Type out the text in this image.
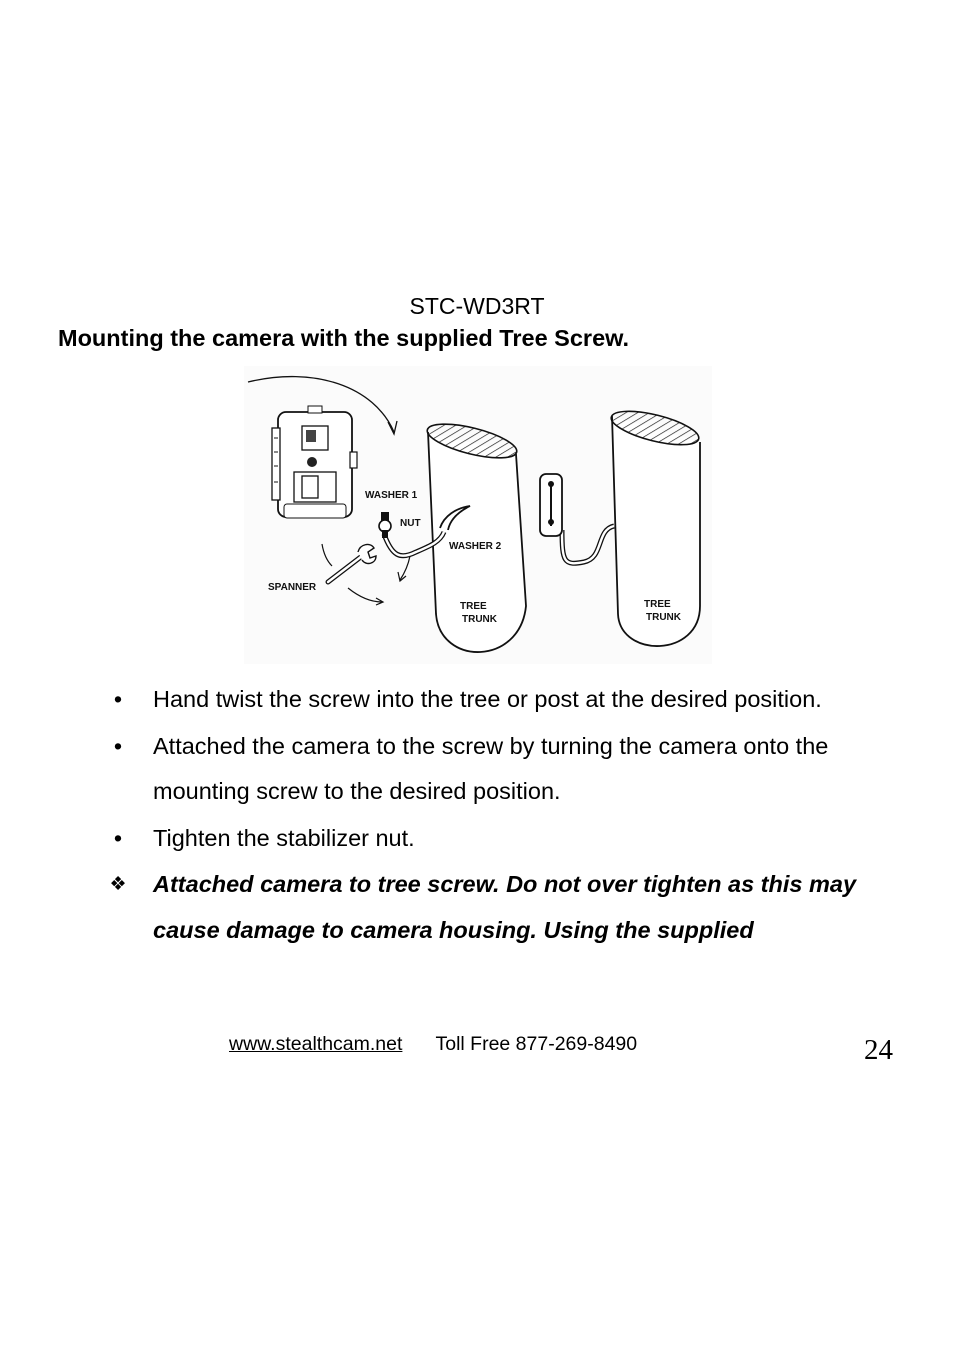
STC-WD3RT
Mounting the camera with the supplied Tree Screw.
SPANNER
TREE
TRUNK
WASHER 1
NUT
WASHER 2
TREE
TRUNK
•	Hand twist the screw into the tree or post at the desired position.
•	Attached the camera to the screw by turning the camera onto the mounting screw to the desired position.
•	Tighten the stabilizer nut.
❖ Attached camera to tree screw. Do not over tighten as this may cause damage to camera housing. Using the supplied
www.stealthcam.net Toll Free 877-269-8490	24
